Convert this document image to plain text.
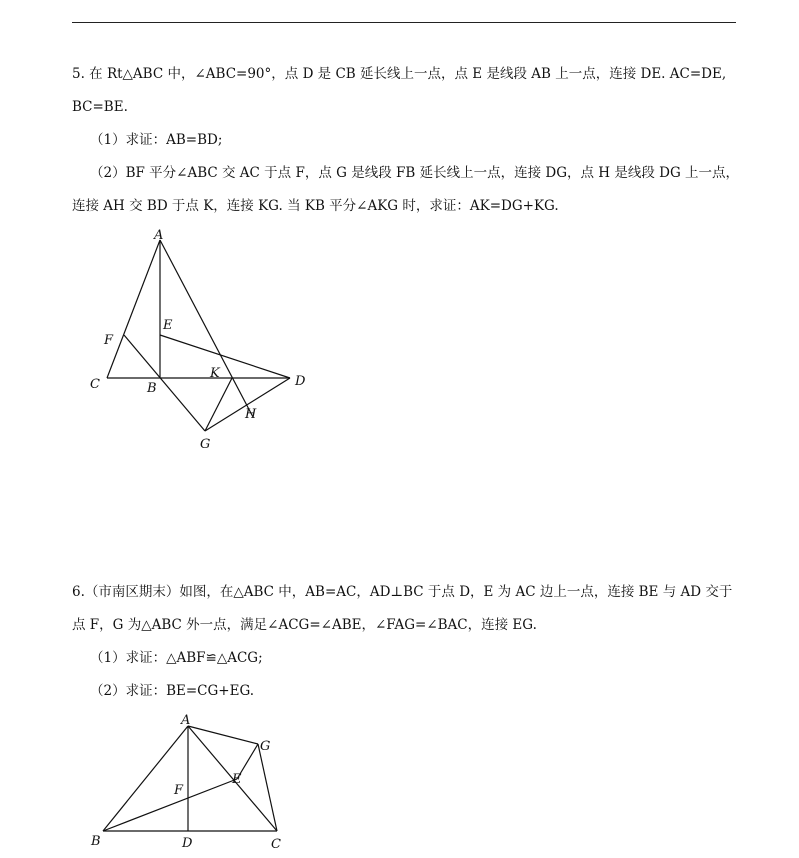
5. 在 Rt△ABC 中，∠ABC=90°，点 D 是 CB 延长线上一点，点 E 是线段 AB 上一点，连接 DE. AC=DE,
BC=BE.
（1）求证：AB=BD;
（2）BF 平分∠ABC 交 AC 于点 F，点 G 是线段 FB 延长线上一点，连接 DG，点 H 是线段 DG 上一点，
连接 AH 交 BD 于点 K，连接 KG. 当 KB 平分∠AKG 时，求证：AK=DG+KG.
A
E
F
C	B
K
D
H
G
6.（市南区期末）如图，在△ABC 中，AB=AC，AD⊥BC 于点 D，E 为 AC 边上一点，连接 BE 与 AD 交于
点 F，G 为△ABC 外一点，满足∠ACG=∠ABE，∠FAG=∠BAC，连接 EG.
（1）求证：△ABF≌△ACG;
（2）求证：BE=CG+EG.
A
G
E
F
B	D	C
